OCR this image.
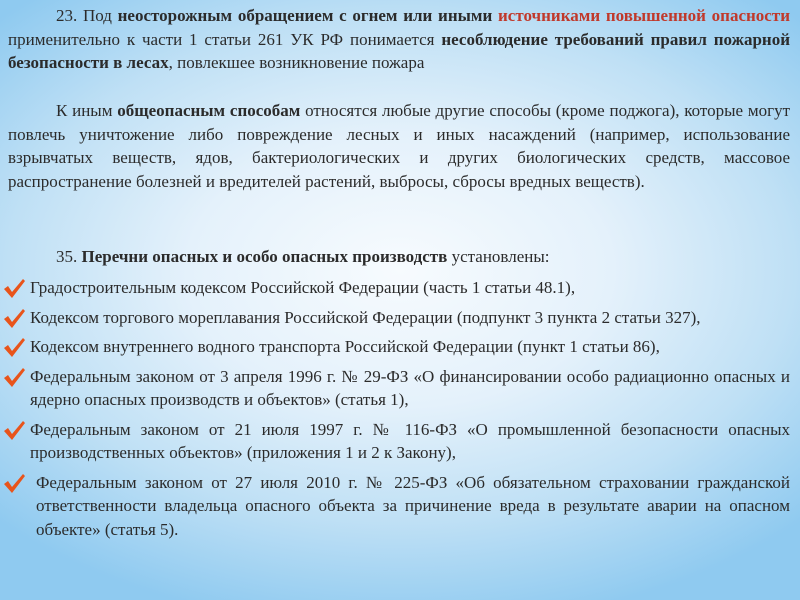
23. Под неосторожным обращением с огнем или иными источниками повышенной опасности применительно к части 1 статьи 261 УК РФ понимается несоблюдение требований правил пожарной безопасности в лесах, повлекшее возникновение пожара

К иным общеопасным способам относятся любые другие способы (кроме поджога), которые могут повлечь уничтожение либо повреждение лесных и иных насаждений (например, использование взрывчатых веществ, ядов, бактериологических и других биологических средств, массовое распространение болезней и вредителей растений, выбросы, сбросы вредных веществ).

35. Перечни опасных и особо опасных производств установлены:
Градостроительным кодексом Российской Федерации (часть 1 статьи 48.1),
Кодексом торгового мореплавания Российской Федерации (подпункт 3 пункта 2 статьи 327),
Кодексом внутреннего водного транспорта Российской Федерации (пункт 1 статьи 86),
Федеральным законом от 3 апреля 1996 г. № 29-ФЗ «О финансировании особо радиационно опасных и ядерно опасных производств и объектов» (статья 1),
Федеральным законом от 21 июля 1997 г. № 116-ФЗ «О промышленной безопасности опасных производственных объектов» (приложения 1 и 2 к Закону),
Федеральным законом от 27 июля 2010 г. № 225-ФЗ «Об обязательном страховании гражданской ответственности владельца опасного объекта за причинение вреда в результате аварии на опасном объекте» (статья 5).
